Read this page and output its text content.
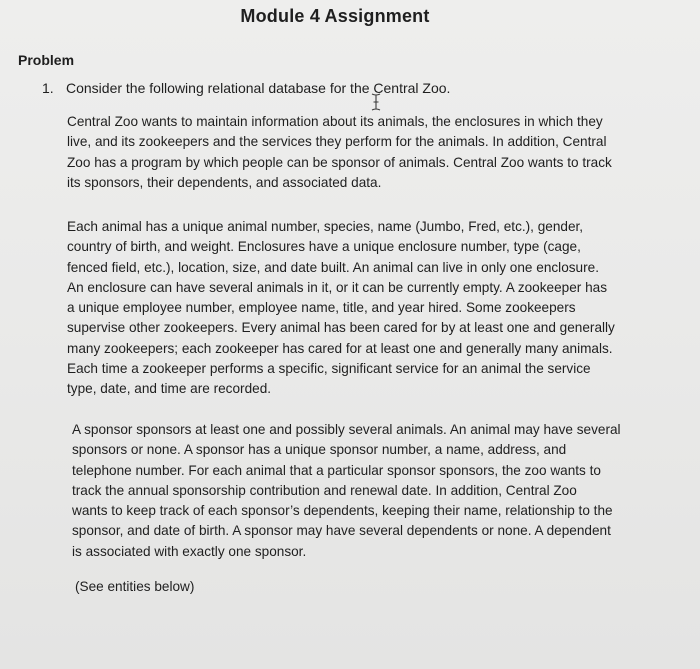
Module 4 Assignment
Problem
1. Consider the following relational database for the Central Zoo.
Central Zoo wants to maintain information about its animals, the enclosures in which they
live, and its zookeepers and the services they perform for the animals. In addition, Central
Zoo has a program by which people can be sponsor of animals. Central Zoo wants to track
its sponsors, their dependents, and associated data.
Each animal has a unique animal number, species, name (Jumbo, Fred, etc.), gender,
country of birth, and weight. Enclosures have a unique enclosure number, type (cage,
fenced field, etc.), location, size, and date built. An animal can live in only one enclosure.
An enclosure can have several animals in it, or it can be currently empty. A zookeeper has
a unique employee number, employee name, title, and year hired. Some zookeepers
supervise other zookeepers. Every animal has been cared for by at least one and generally
many zookeepers; each zookeeper has cared for at least one and generally many animals.
Each time a zookeeper performs a specific, significant service for an animal the service
type, date, and time are recorded.
A sponsor sponsors at least one and possibly several animals. An animal may have several
sponsors or none. A sponsor has a unique sponsor number, a name, address, and
telephone number. For each animal that a particular sponsor sponsors, the zoo wants to
track the annual sponsorship contribution and renewal date. In addition, Central Zoo
wants to keep track of each sponsor’s dependents, keeping their name, relationship to the
sponsor, and date of birth. A sponsor may have several dependents or none. A dependent
is associated with exactly one sponsor.
(See entities below)
